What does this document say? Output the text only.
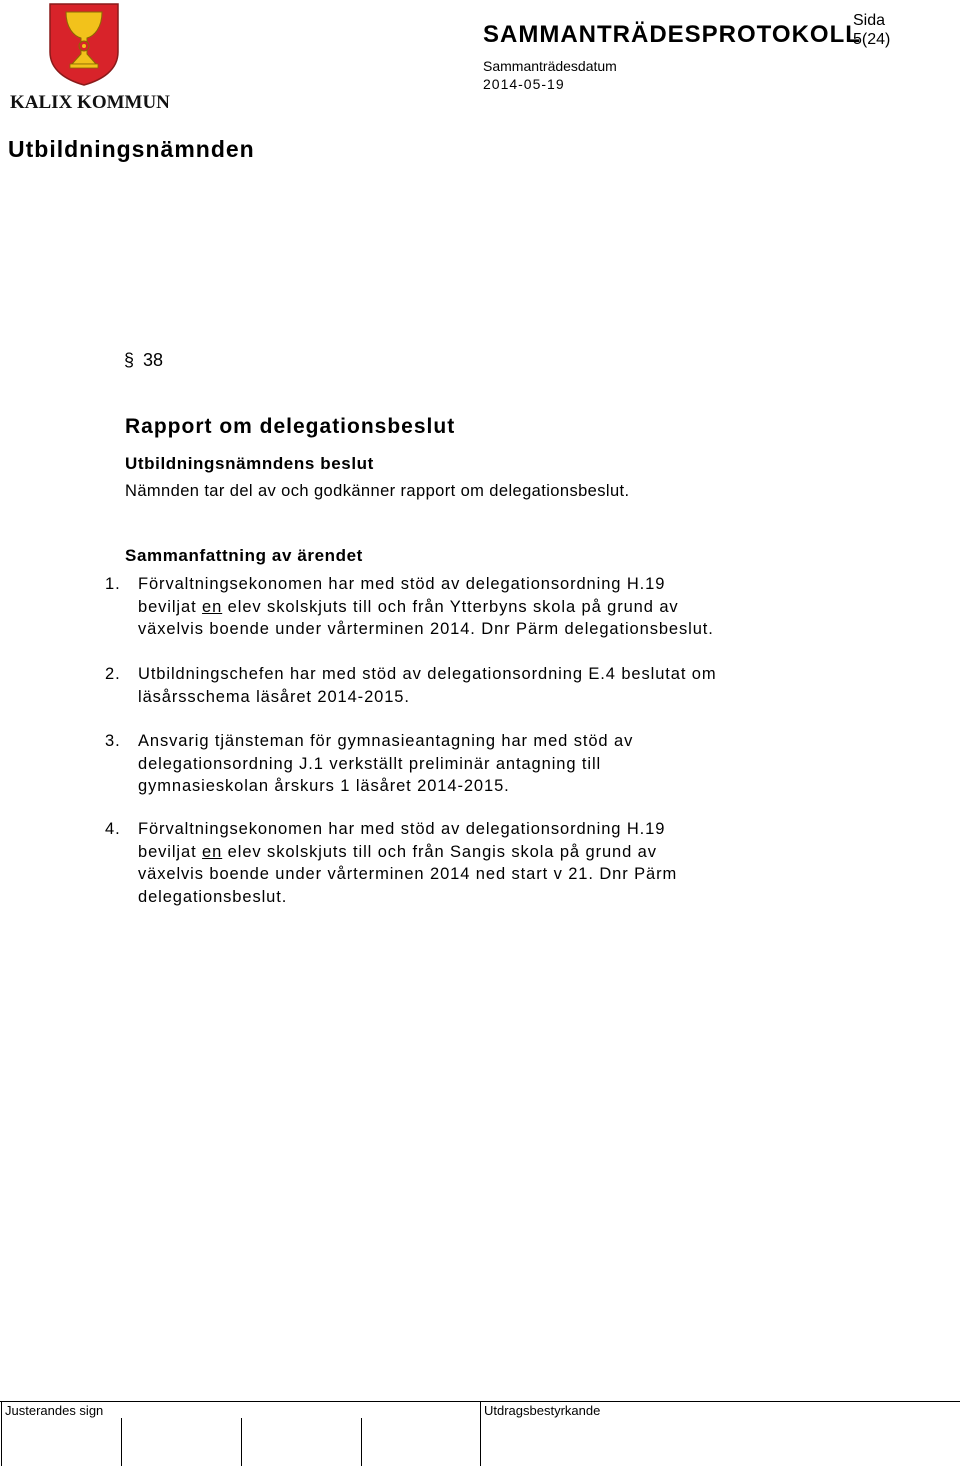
KALIX KOMMUN
SAMMANTRÄDESPROTOKOLL
Sida
5(24)
Sammanträdesdatum
2014-05-19
Utbildningsnämnden
§ 38
Rapport om delegationsbeslut
Utbildningsnämndens beslut
Nämnden tar del av och godkänner rapport om delegationsbeslut.
Sammanfattning av ärendet
1. Förvaltningsekonomen har med stöd av delegationsordning H.19
beviljat en elev skolskjuts till och från Ytterbyns skola på grund av
växelvis boende under vårterminen 2014. Dnr Pärm delegationsbeslut.
2. Utbildningschefen har med stöd av delegationsordning E.4 beslutat om
läsårsschema läsåret 2014-2015.
3. Ansvarig tjänsteman för gymnasieantagning har med stöd av
delegationsordning J.1 verkställt preliminär antagning till
gymnasieskolan årskurs 1 läsåret 2014-2015.
4. Förvaltningsekonomen har med stöd av delegationsordning H.19
beviljat en elev skolskjuts till och från Sangis skola på grund av
växelvis boende under vårterminen 2014 ned start v 21. Dnr Pärm
delegationsbeslut.
Justerandes sign	Utdragsbestyrkande
